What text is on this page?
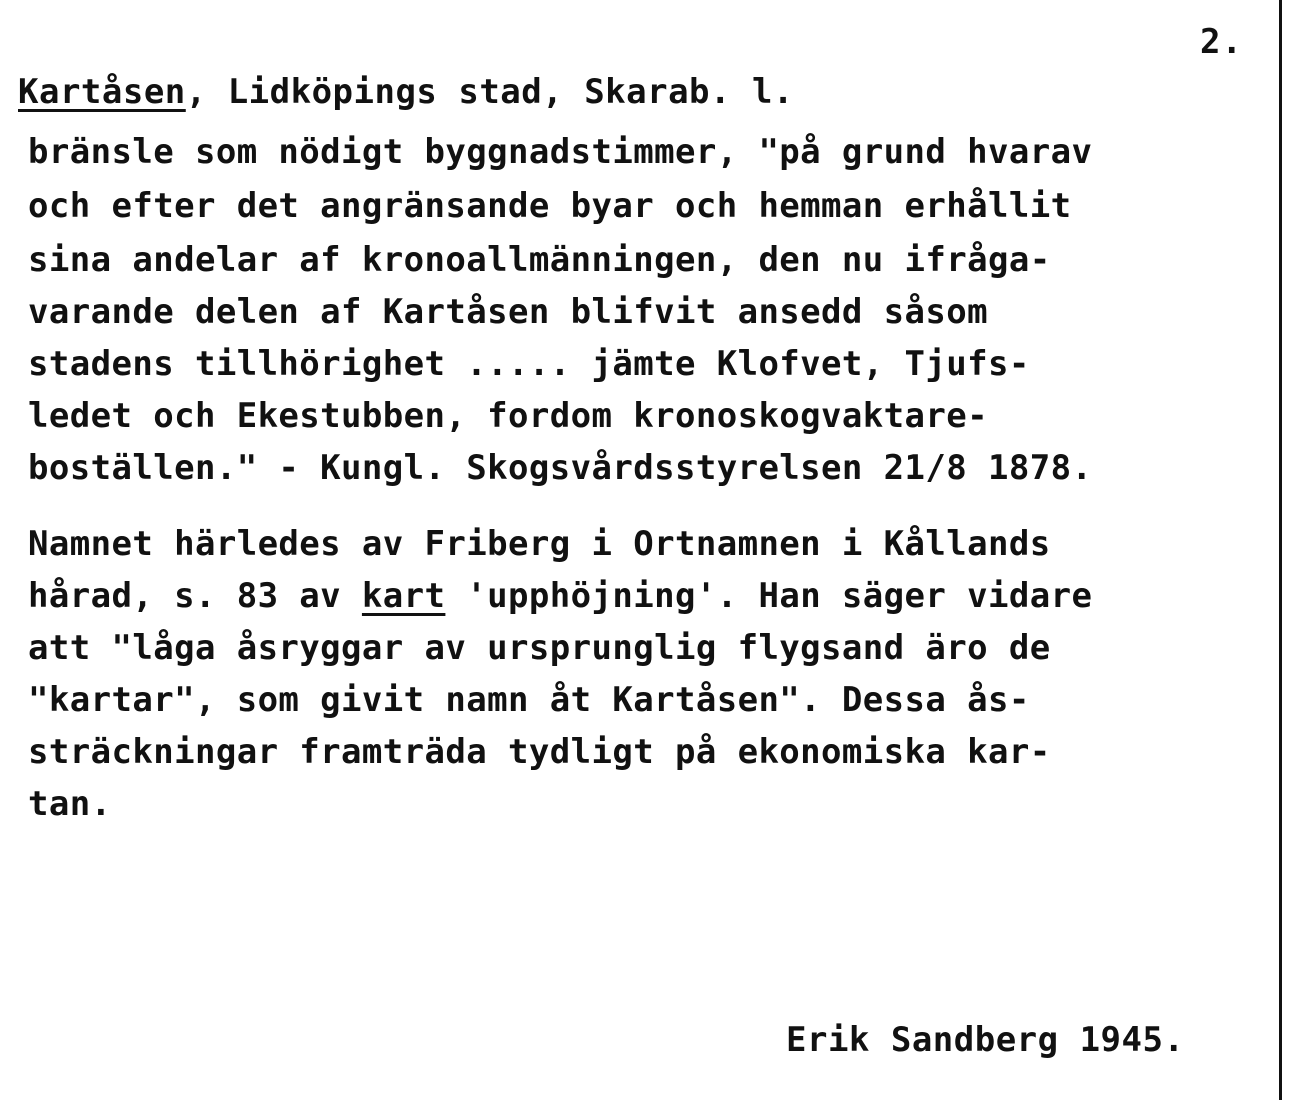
2.
Kartåsen, Lidköpings stad, Skarab. l.
bränsle som nödigt byggnadstimmer, "på grund hvarav
och efter det angränsande byar och hemman erhållit
sina andelar af kronoallmänningen, den nu ifråga-
varande delen af Kartåsen blifvit ansedd såsom
stadens tillhörighet ..... jämte Klofvet, Tjufs-
ledet och Ekestubben, fordom kronoskogvaktare-
boställen." - Kungl. Skogsvårdsstyrelsen 21/8 1878.
Namnet härledes av Friberg i Ortnamnen i Kållands
hårad, s. 83 av kart 'upphöjning'. Han säger vidare
att "låga åsryggar av ursprunglig flygsand äro de
"kartar", som givit namn åt Kartåsen". Dessa ås-
sträckningar framträda tydligt på ekonomiska kar-
tan.
Erik Sandberg 1945.
